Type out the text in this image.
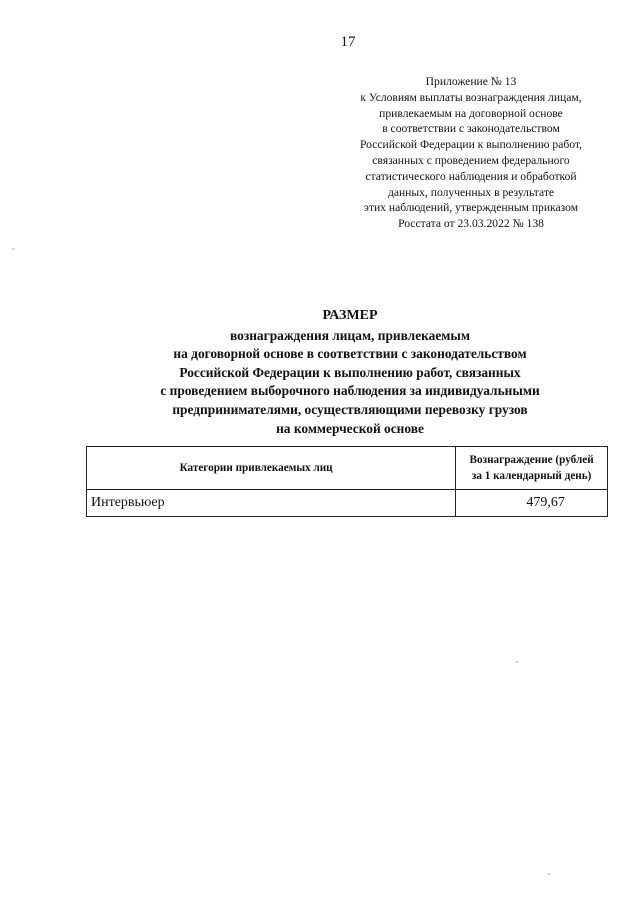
17
Приложение № 13
к Условиям выплаты вознаграждения лицам,
привлекаемым на договорной основе
в соответствии с законодательством
Российской Федерации к выполнению работ,
связанных с проведением федерального
статистического наблюдения и обработкой
данных, полученных в результате
этих наблюдений, утвержденным приказом
Росстата от 23.03.2022 № 138
РАЗМЕР
вознаграждения лицам, привлекаемым
на договорной основе в соответствии с законодательством
Российской Федерации к выполнению работ, связанных
с проведением выборочного наблюдения за индивидуальными
предпринимателями, осуществляющими перевозку грузов
на коммерческой основе
Категории привлекаемых лиц	Вознаграждение (рублей
за 1 календарный день)

Интервьюер	479,67
